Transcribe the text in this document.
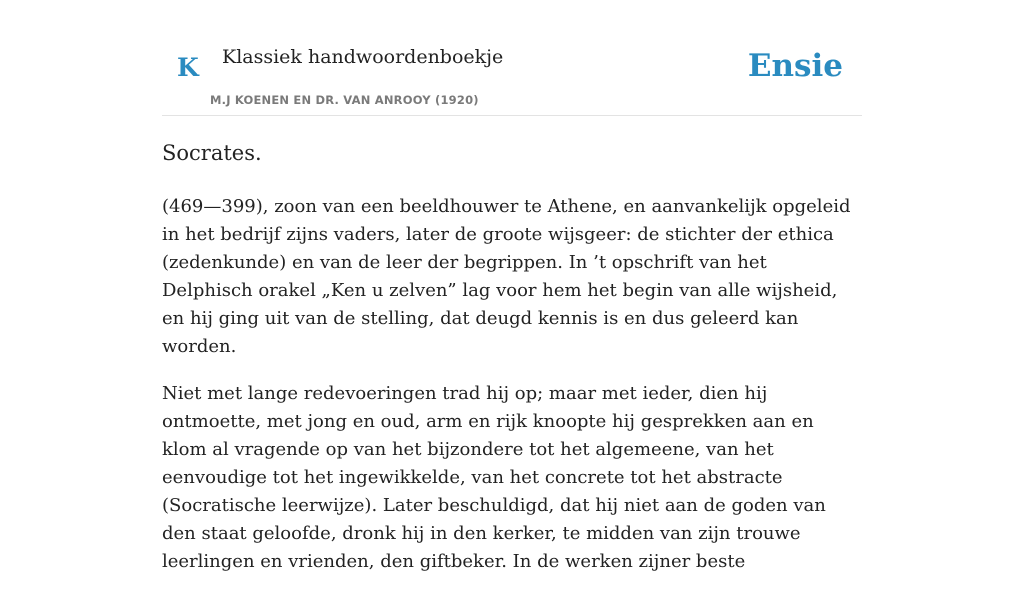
K Klassiek handwoordenboekje
M.J KOENEN EN DR. VAN ANROOY (1920)
Ensie
Socrates.

(469—399), zoon van een beeldhouwer te Athene, en aanvankelijk opgeleid in het bedrijf zijns vaders, later de groote wijsgeer: de stichter der ethica (zedenkunde) en van de leer der begrippen. In ’t opschrift van het Delphisch orakel „Ken u zelven” lag voor hem het begin van alle wijsheid, en hij ging uit van de stelling, dat deugd kennis is en dus geleerd kan worden.

Niet met lange redevoeringen trad hij op; maar met ieder, dien hij ontmoette, met jong en oud, arm en rijk knoopte hij gesprekken aan en klom al vragende op van het bijzondere tot het algemeene, van het eenvoudige tot het ingewikkelde, van het concrete tot het abstracte (Socratische leerwijze). Later beschuldigd, dat hij niet aan de goden van den staat geloofde, dronk hij in den kerker, te midden van zijn trouwe leerlingen en vrienden, den giftbeker. In de werken zijner beste
